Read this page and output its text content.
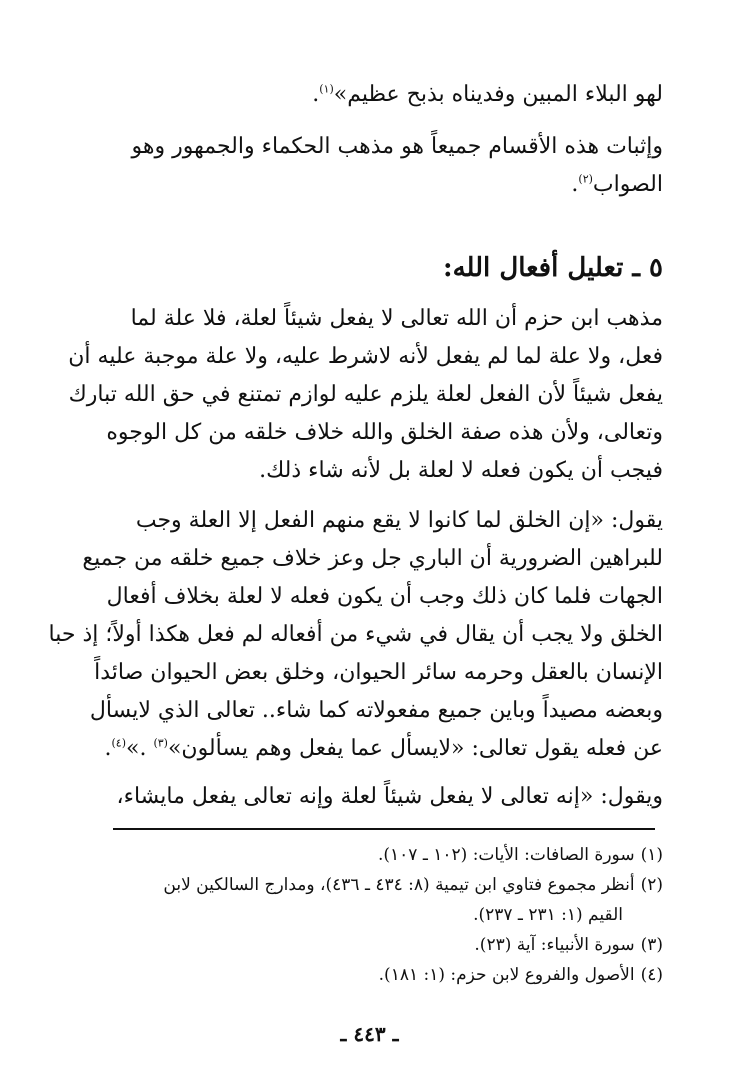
لهو البلاء المبين وفديناه بذبح عظيم»$^{(١)}$.
وإثبات هذه الأقسام جميعاً هو مذهب الحكماء والجمهور وهو
الصواب$^{(٢)}$.
٥ ـ تعليل أفعال الله:
مذهب ابن حزم أن الله تعالى لا يفعل شيئاً لعلة، فلا علة لما
فعل، ولا علة لما لم يفعل لأنه لاشرط عليه، ولا علة موجبة عليه أن
يفعل شيئاً لأن الفعل لعلة يلزم عليه لوازم تمتنع في حق الله تبارك
وتعالى، ولأن هذه صفة الخلق والله خلاف خلقه من كل الوجوه
فيجب أن يكون فعله لا لعلة بل لأنه شاء ذلك.
يقول: «إن الخلق لما كانوا لا يقع منهم الفعل إلا العلة وجب
للبراهين الضرورية أن الباري جل وعز خلاف جميع خلقه من جميع
الجهات فلما كان ذلك وجب أن يكون فعله لا لعلة بخلاف أفعال
الخلق ولا يجب أن يقال في شيء من أفعاله لم فعل هكذا أولاً؛ إذ حبا
الإنسان بالعقل وحرمه سائر الحيوان، وخلق بعض الحيوان صائداً
وبعضه مصيداً وباين جميع مفعولاته كما شاء.. تعالى الذي لايسأل
عن فعله يقول تعالى: «لايسأل عما يفعل وهم يسألون»$^{(٣)}$ .»$^{(٤)}$.
ويقول: «إنه تعالى لا يفعل شيئاً لعلة وإنه تعالى يفعل مايشاء،
(١)سورة الصافات: الأيات: (١٠٢ ـ ١٠٧).
(٢)أنظر مجموع فتاوي ابن تيمية (٨: ٤٣٤ ـ ٤٣٦)، ومدارج السالكين لابن
القيم (١: ٢٣١ ـ ٢٣٧).
(٣)سورة الأنبياء: آية (٢٣).
(٤)الأصول والفروع لابن حزم: (١: ١٨١).
ـ ٤٤٣ ـ
